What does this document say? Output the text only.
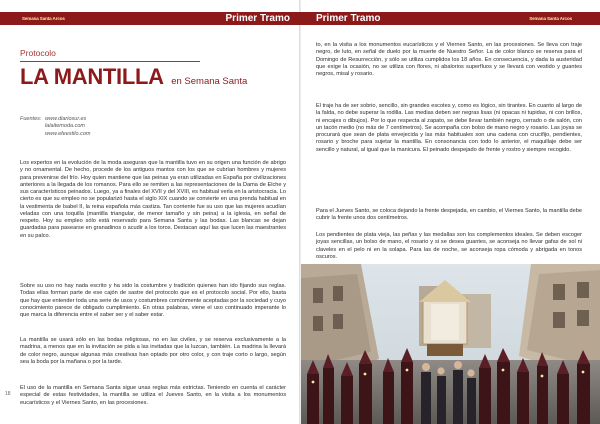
Semana Santa Arcos	Primer Tramo	Primer Tramo	Semana Santa Arcos
Protocolo
LA MANTILLA en Semana Santa
Fuentes: www.diariosur.es
lalaitemoda.com
www.efeestilo.com

Los expertos en la evolución de la moda aseguran que la mantilla tuvo en su origen una función de abrigo y no ornamental. De hecho, procede de los antiguos mantos con los que se cubrían hombres y mujeres para prevenirse del frío. Hoy quien mantiene que las peinas ya eran utilizadas en España por civilizaciones anteriores a la llegada de los romanos. Para ello se remiten a las representaciones de la Dama de Elche y sus característicos peinados. Luego, ya a finales del XVII y del XVIII, es habitual verla en la aristocracia. Lo cierto es que su empleo no se popularizó hasta el siglo XIX cuando se convierte en una prenda habitual en la vestimenta de Isabel II, la reina española más castiza. Tan corriente fue su uso que las mujeres acudían veladas con una toquilla (mantilla triangular, de menor tamaño y sin peina) a la iglesia, en señal de respeto. Hoy su empleo sólo está reservado para Semana Santa y las bodas. Las blancas se dejan guardadas para pasearse en granadinos o acudir a los toros. Destacan aquí las que lucen las maestrantes en su palco.

Sobre su uso no hay nada escrito y ha sido la costumbre y tradición quienes han ido fijando sus reglas. Todas ellas forman parte de ese cajón de sastre del protocolo que es el protocolo social. Por ello, basta que hay que entender toda una serie de usos y costumbres comúnmente aceptadas por la sociedad y cuyo conocimiento parece de obligado cumplimiento. En otras palabras, viene el uso continuado imperante lo que marca la diferencia entre el saber ser y el saber estar.

La mantilla se usará sólo en las bodas religiosas, no en las civiles, y se reserva exclusivamente a la madrina, a menos que en la invitación se pida a las invitadas que la luzcan, también. La madrina la llevará de color negro, aunque algunas más creativas han optado por otro color, y con traje corto o largo, según sea la boda por la mañana o por la tarde.

El uso de la mantilla en Semana Santa sigue unas reglas más estrictas. Teniendo en cuenta el carácter especial de estas festividades, la mantilla se utiliza el Jueves Santo, en la visita a los monumentos eucarísticos y el Viernes Santo, en las procesiones.

to, en la visita a los monumentos eucarísticos y el Viernes Santo, en las procesiones. Se lleva con traje negro, de luto, en señal de duelo por la muerte de Nuestro Señor. La de color blanco se reserva para el Domingo de Resurrección, y sólo se utiliza cumplidos los 18 años. En consecuencia, y dada la austeridad que exige la ocasión, no se utiliza con flores, ni abalorios superfluos y se llevará con vestido y guantes negros, misal y rosario.

El traje ha de ser sobrio, sencillo, sin grandes escotes y, como es lógico, sin tirantes. En cuanto al largo de la falda, no debe superar la rodilla. Las medias deben ser negras lisas (ni opacas ni tupidas, ni con brillos, ni encajes o dibujos). Por lo que respecta al zapato, se debe llevar también negro, cerrado o de salón, con un tacón medio (no más de 7 centímetros). Se acompaña con bolso de mano negro y rosario. Las joyas se procurará que sean de plata envejecida y las más habituales son una cadena con crucifijo, pendientes, rosario y broche para sujetar la mantilla. En consonancia con todo lo anterior, el maquillaje debe ser sencillo y natural, al igual que la manicura. El peinado despejado de frente y rostro y siempre recogido.

Para el Jueves Santo, se coloca dejando la frente despejada, en cambio, el Viernes Santo, la mantilla debe cubrir la frente unos dos centímetros.

Los pendientes de plata vieja, las peñas y las medallas son los complementos ideales. Se deben escoger joyas sencillas, un bolso de mano, el rosario y si se desea guantes, se aconseja no llevar gafas de sol ni claveles en el pelo ni en la solapa. Para las de noche, se aconseja ropa cómoda y abrigada en tonos oscuros.

18
